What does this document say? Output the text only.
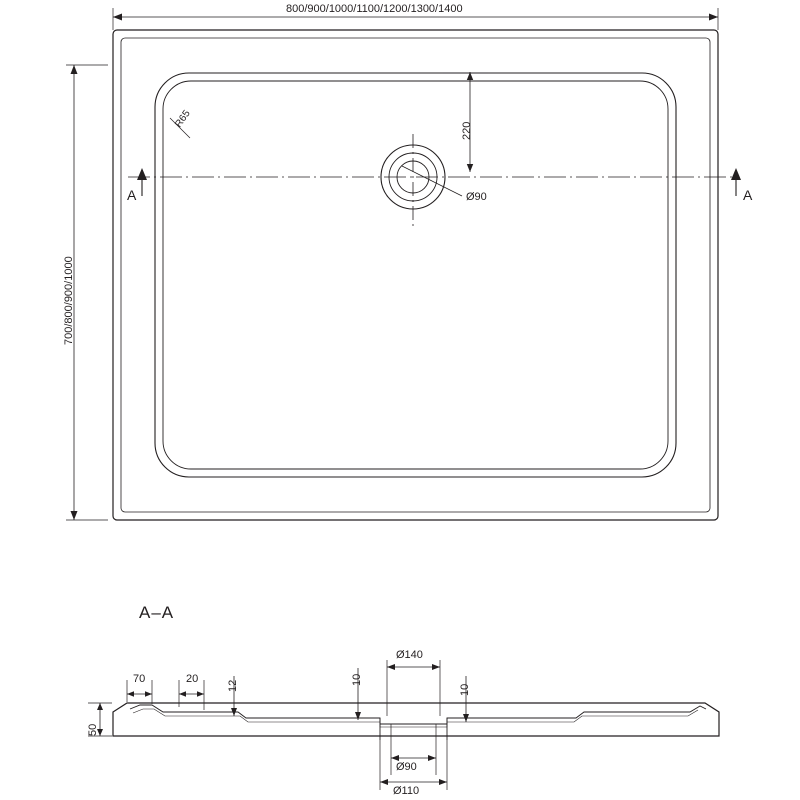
800/900/1000/1100/1200/1300/1400
700/800/900/1000
R65
220
Ø90
A	A
A–A
70	20
12	10
10
50
Ø140
Ø90
Ø110
